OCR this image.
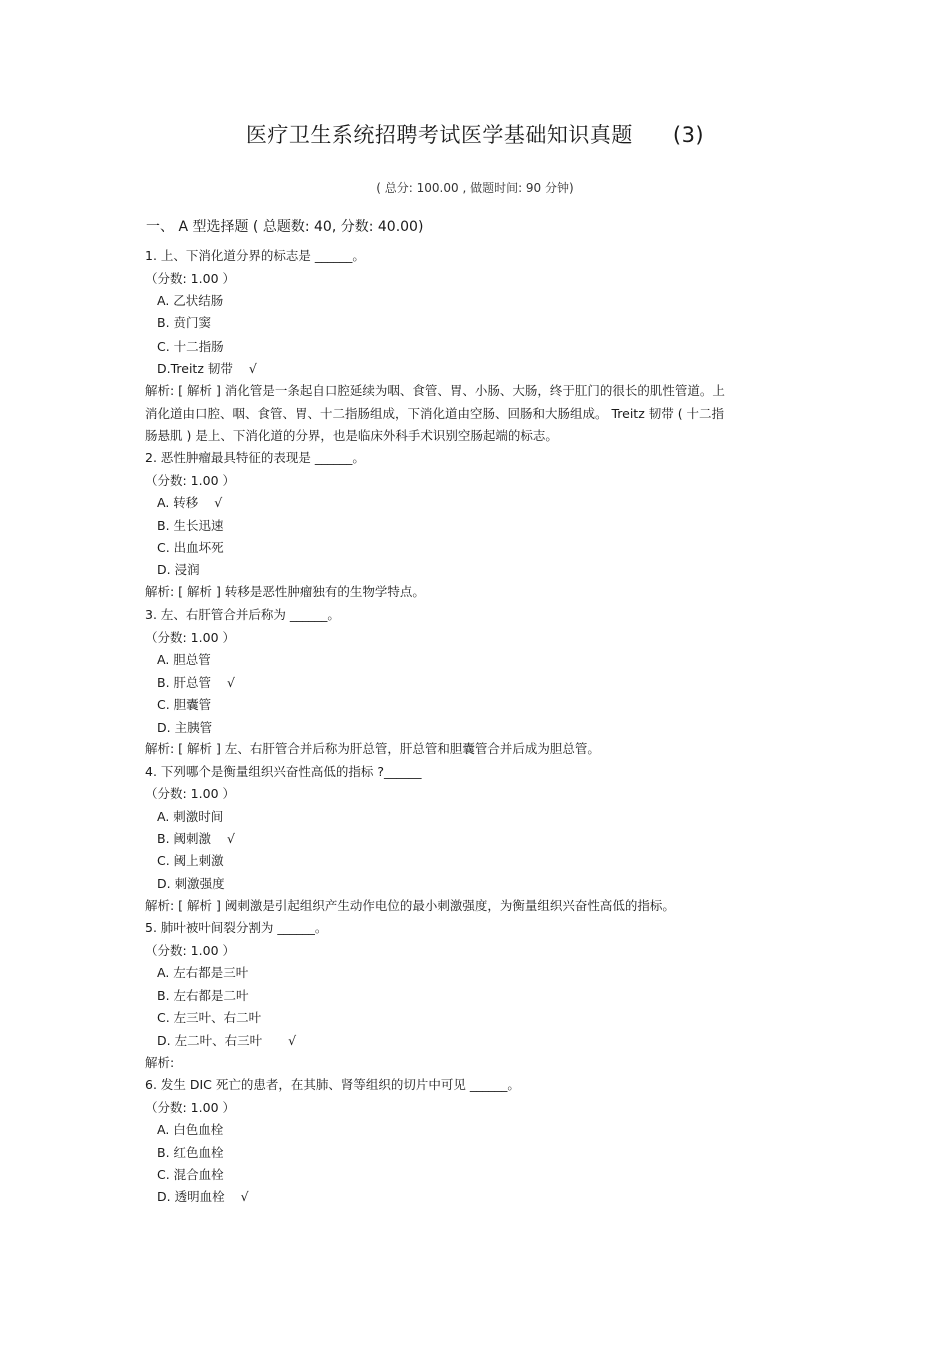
医疗卫生系统招聘考试医学基础知识真题 (3)
( 总分: 100.00 , 做题时间: 90 分钟)
一、 A 型选择题 ( 总题数: 40, 分数: 40.00)
1. 上、下消化道分界的标志是 ______。
（分数: 1.00 ）
A. 乙状结肠
B. 贲门窦
C. 十二指肠
D.Treitz 韧带 √
解析: [ 解析 ] 消化管是一条起自口腔延续为咽、食管、胃、小肠、大肠，终于肛门的很长的肌性管道。上
消化道由口腔、咽、食管、胃、十二指肠组成，下消化道由空肠、回肠和大肠组成。 Treitz 韧带 ( 十二指
肠悬肌 ) 是上、下消化道的分界，也是临床外科手术识别空肠起端的标志。
2. 恶性肿瘤最具特征的表现是 ______。
（分数: 1.00 ）
A. 转移 √
B. 生长迅速
C. 出血坏死
D. 浸润
解析: [ 解析 ] 转移是恶性肿瘤独有的生物学特点。
3. 左、右肝管合并后称为 ______。
（分数: 1.00 ）
A. 胆总管
B. 肝总管 √
C. 胆囊管
D. 主胰管
解析: [ 解析 ] 左、右肝管合并后称为肝总管，肝总管和胆囊管合并后成为胆总管。
4. 下列哪个是衡量组织兴奋性高低的指标 ?______
（分数: 1.00 ）
A. 刺激时间
B. 阈刺激 √
C. 阈上刺激
D. 刺激强度
解析: [ 解析 ] 阈刺激是引起组织产生动作电位的最小刺激强度，为衡量组织兴奋性高低的指标。
5. 肺叶被叶间裂分割为 ______。
（分数: 1.00 ）
A. 左右都是三叶
B. 左右都是二叶
C. 左三叶、右二叶
D. 左二叶、右三叶 √
解析:
6. 发生 DIC 死亡的患者，在其肺、肾等组织的切片中可见 ______。
（分数: 1.00 ）
A. 白色血栓
B. 红色血栓
C. 混合血栓
D. 透明血栓 √
